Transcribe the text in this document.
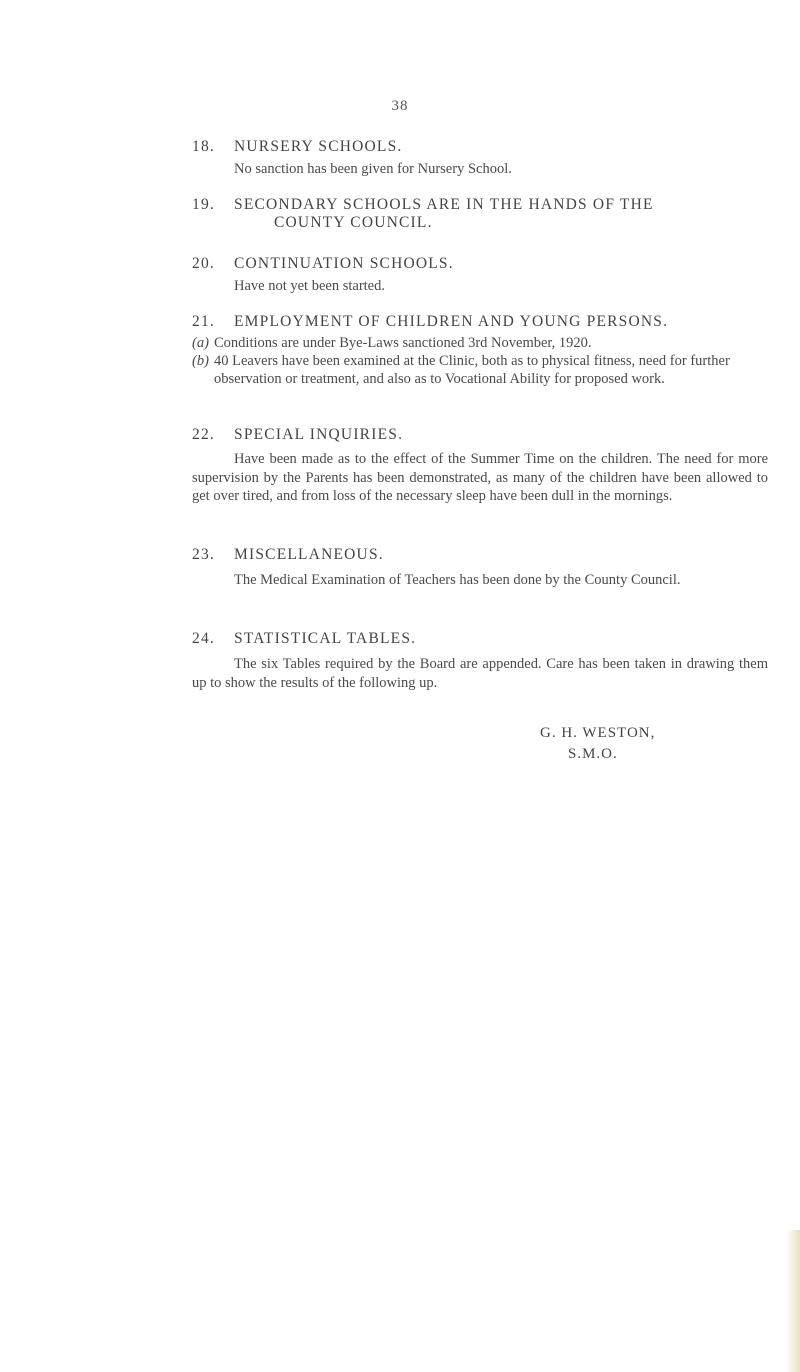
38
18.	NURSERY SCHOOLS.
No sanction has been given for Nursery School.
19.	SECONDARY SCHOOLS ARE IN THE HANDS OF THE
COUNTY COUNCIL.
20.	CONTINUATION SCHOOLS.
Have not yet been started.
21.	EMPLOYMENT OF CHILDREN AND YOUNG PERSONS.
(a) Conditions are under Bye-Laws sanctioned 3rd November, 1920.
(b) 40 Leavers have been examined at the Clinic, both as to physical fitness, need for further observation or treatment, and also as to Vocational Ability for proposed work.
22.	SPECIAL INQUIRIES.
Have been made as to the effect of the Summer Time on the children. The need for more supervision by the Parents has been demonstrated, as many of the children have been allowed to get over tired, and from loss of the necessary sleep have been dull in the mornings.
23.	MISCELLANEOUS.
The Medical Examination of Teachers has been done by the County Council.
24.	STATISTICAL TABLES.
The six Tables required by the Board are appended. Care has been taken in drawing them up to show the results of the following up.
G. H. WESTON,
S.M.O.
